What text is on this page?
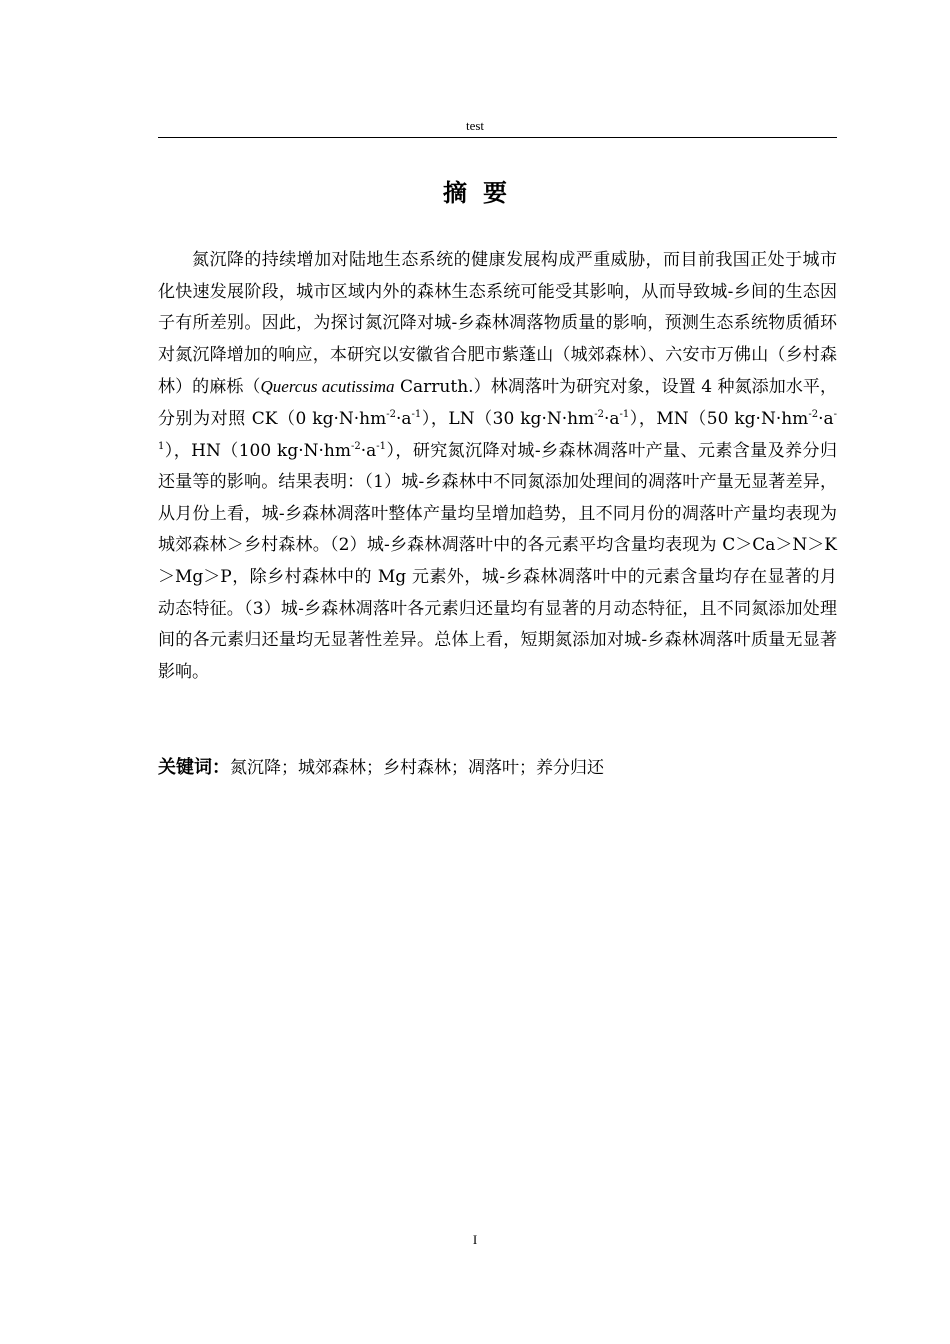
test
摘要

氮沉降的持续增加对陆地生态系统的健康发展构成严重威胁，而目前我国正处于城市化快速发展阶段，城市区域内外的森林生态系统可能受其影响，从而导致城-乡间的生态因子有所差别。因此，为探讨氮沉降对城-乡森林凋落物质量的影响，预测生态系统物质循环对氮沉降增加的响应，本研究以安徽省合肥市紫蓬山（城郊森林）、六安市万佛山（乡村森林）的麻栎（Quercus acutissima Carruth.）林凋落叶为研究对象，设置 4 种氮添加水平，分别为对照 CK（0 $kg\cdot N\cdot hm^{-2}\cdot a^{-1}$），LN（30 $kg\cdot N\cdot hm^{-2}\cdot a^{-1}$），MN（50 $kg\cdot N\cdot hm^{-2}\cdot a^{-1}$），HN（100 $kg\cdot N\cdot hm^{-2}\cdot a^{-1}$），研究氮沉降对城-乡森林凋落叶产量、元素含量及养分归还量等的影响。结果表明：（1）城-乡森林中不同氮添加处理间的凋落叶产量无显著差异，从月份上看，城-乡森林凋落叶整体产量均呈增加趋势，且不同月份的凋落叶产量均表现为城郊森林＞乡村森林。（2）城-乡森林凋落叶中的各元素平均含量均表现为 C＞Ca＞N＞K＞Mg＞P，除乡村森林中的 Mg 元素外，城-乡森林凋落叶中的元素含量均存在显著的月动态特征。（3）城-乡森林凋落叶各元素归还量均有显著的月动态特征，且不同氮添加处理间的各元素归还量均无显著性差异。总体上看，短期氮添加对城-乡森林凋落叶质量无显著影响。

关键词：氮沉降；城郊森林；乡村森林；凋落叶；养分归还

I
